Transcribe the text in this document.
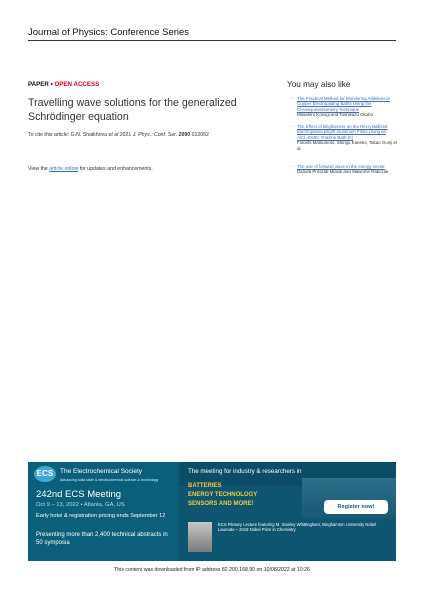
Journal of Physics: Conference Series
PAPER • OPEN ACCESS
Travelling wave solutions for the generalized Schrödinger equation
To cite this article: G.N. Shaikhova et al 2021 J. Phys.: Conf. Ser. 2090 012062
View the article online for updates and enhancements.
You may also like
- The Practical Method for Monitoring Additives in Copper Electroplating Baths Using the Chronopotentiometry Technique
Masahiro Kosugi and Toshikazu Okubo
- The Effect of Brighteners on the Recrystallized Electroplated Bright Aluminum Films Using an AlCl₃-EMIC-Triazine Bath (II)
Futoshi Matsumoto, Shingo Kaneko, Takao Gunji et al.
- The use of forward wave in the energy sector
Danuta Proszak-Miasik and Sławomir Rabczak
ECS	The Electrochemical Society
Advancing solid state & electrochemical science & technology
242nd ECS Meeting
Oct 9 – 13, 2022 • Atlanta, GA, US
Early hotel & registration pricing ends September 12
Presenting more than 2,400 technical abstracts in 50 symposia
The meeting for industry & researchers in
BATTERIES
ENERGY TECHNOLOGY
SENSORS AND MORE!	Register now!
ECS Plenary Lecture featuring M. Stanley Whittingham, Binghamton University Nobel Laureate – 2019 Nobel Prize in Chemistry
This content was downloaded from IP address 82.200.168.90 on 10/08/2022 at 10:26
